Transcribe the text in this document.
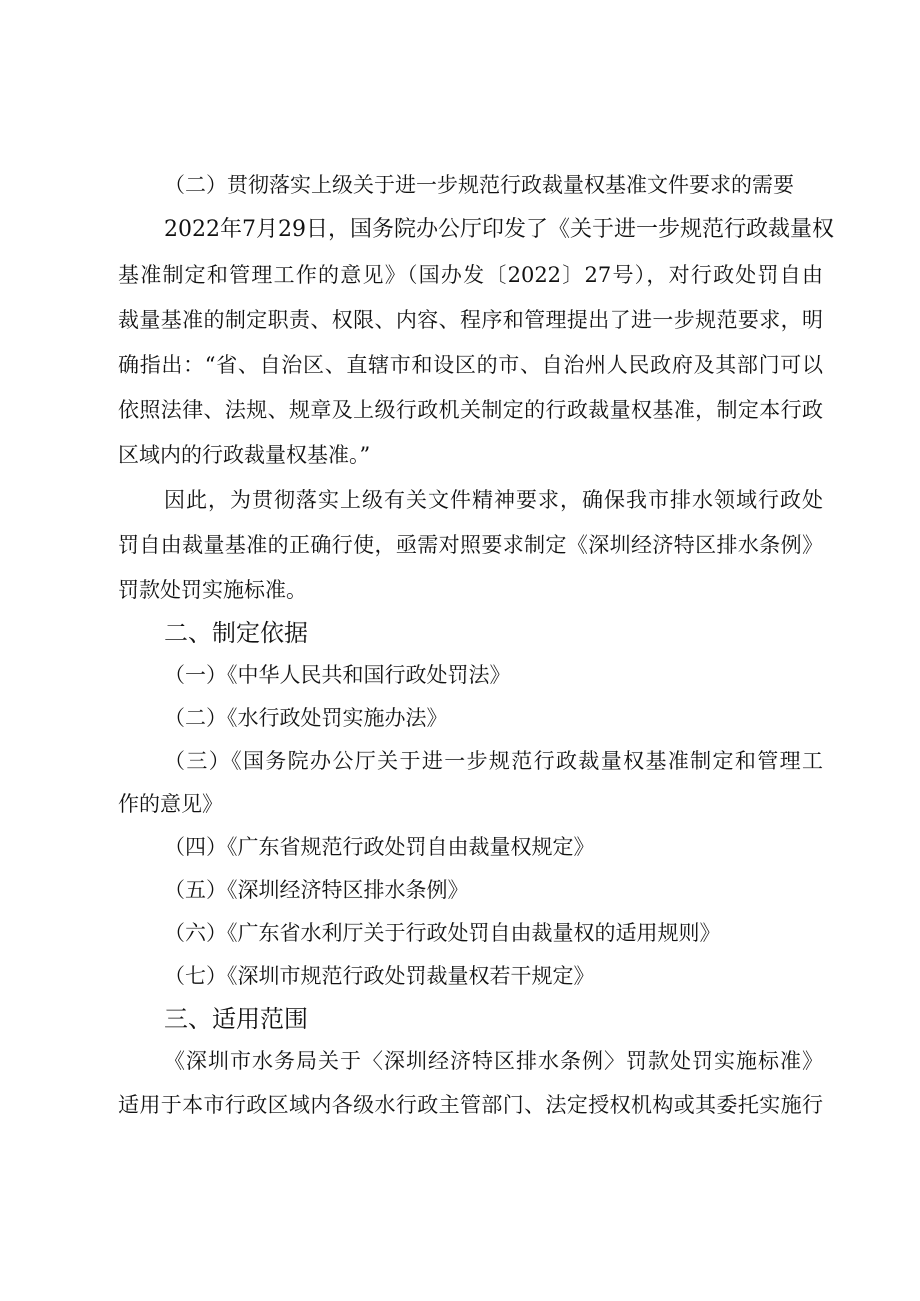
（二）贯彻落实上级关于进一步规范行政裁量权基准文件要求的需要
2022年7月29日，国务院办公厅印发了《关于进一步规范行政裁量权
基准制定和管理工作的意见》（国办发〔2022〕27号），对行政处罚自由
裁量基准的制定职责、权限、内容、程序和管理提出了进一步规范要求，明
确指出：“省、自治区、直辖市和设区的市、自治州人民政府及其部门可以
依照法律、法规、规章及上级行政机关制定的行政裁量权基准，制定本行政
区域内的行政裁量权基准。”
因此，为贯彻落实上级有关文件精神要求，确保我市排水领域行政处
罚自由裁量基准的正确行使，亟需对照要求制定《深圳经济特区排水条例》
罚款处罚实施标准。
二、制定依据
（一）《中华人民共和国行政处罚法》
（二）《水行政处罚实施办法》
（三）《国务院办公厅关于进一步规范行政裁量权基准制定和管理工
作的意见》
（四）《广东省规范行政处罚自由裁量权规定》
（五）《深圳经济特区排水条例》
（六）《广东省水利厅关于行政处罚自由裁量权的适用规则》
（七）《深圳市规范行政处罚裁量权若干规定》
三、适用范围
《深圳市水务局关于〈深圳经济特区排水条例〉罚款处罚实施标准》
适用于本市行政区域内各级水行政主管部门、法定授权机构或其委托实施行
